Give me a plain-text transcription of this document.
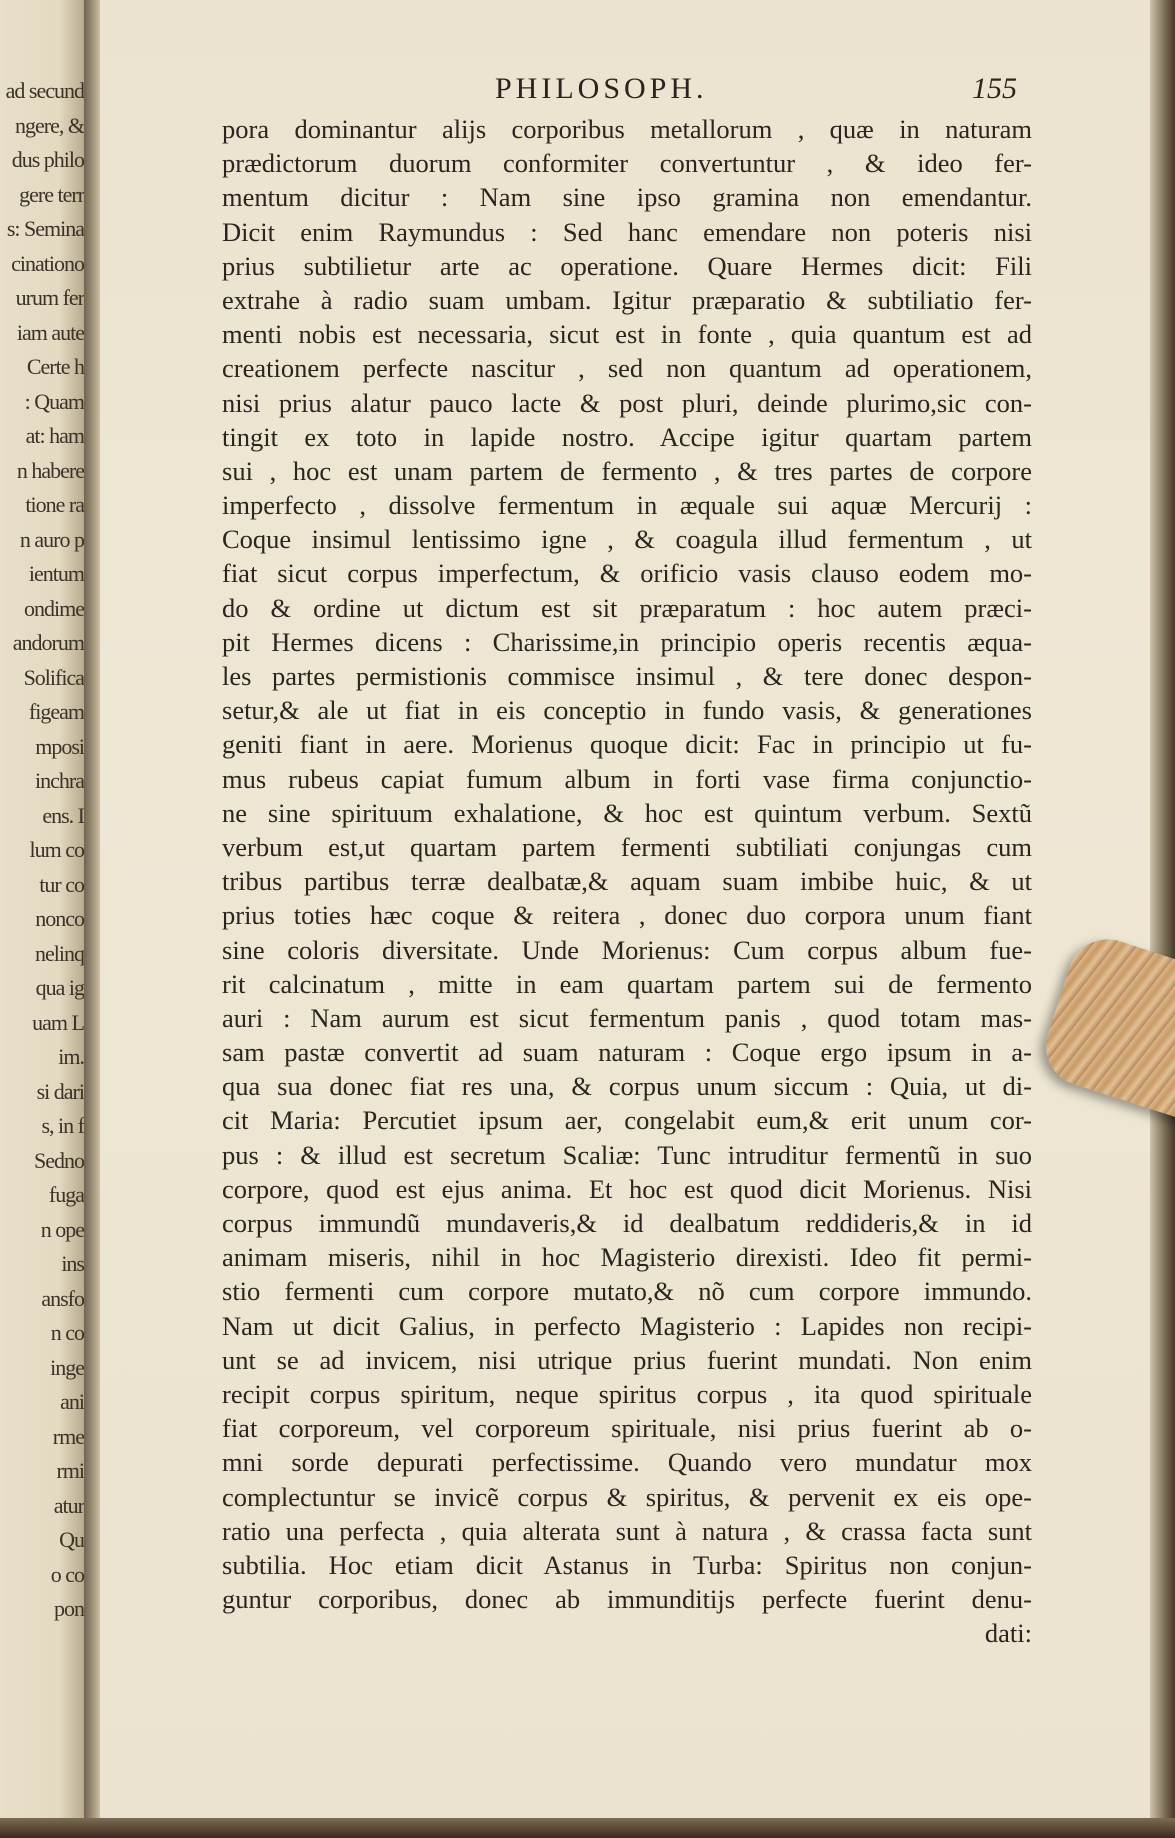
ad secund
ngere, &
dus philo
gere terr
s: Semina
cinationo
urum fer
iam aute
Certe h
: Quam
at: ham
n habere
tione ra
n auro p
ientum
ondime
andorum
Solifica
figeam
mposi
inchra
ens. I
lum co
tur co
nonco
nelinq
qua ig
uam L
im.
si dari
s, in f
Sedno
fuga
n ope
ins
ansfo
n co
inge
ani
rme
rmi
atur
Qu
o co
pon
PHILOSOPH.	155
pora dominantur alijs corporibus metallorum , quæ in naturam
prædictorum duorum conformiter convertuntur , & ideo fer-
mentum dicitur : Nam sine ipso gramina non emendantur.
Dicit enim Raymundus : Sed hanc emendare non poteris nisi
prius subtilietur arte ac operatione. Quare Hermes dicit: Fili
extrahe à radio suam umbam. Igitur præparatio & subtiliatio fer-
menti nobis est necessaria, sicut est in fonte , quia quantum est ad
creationem perfecte nascitur , sed non quantum ad operationem,
nisi prius alatur pauco lacte & post pluri, deinde plurimo,sic con-
tingit ex toto in lapide nostro. Accipe igitur quartam partem
sui , hoc est unam partem de fermento , & tres partes de corpore
imperfecto , dissolve fermentum in æquale sui aquæ Mercurij :
Coque insimul lentissimo igne , & coagula illud fermentum , ut
fiat sicut corpus imperfectum, & orificio vasis clauso eodem mo-
do & ordine ut dictum est sit præparatum : hoc autem præci-
pit Hermes dicens : Charissime,in principio operis recentis æqua-
les partes permistionis commisce insimul , & tere donec despon-
setur,& ale ut fiat in eis conceptio in fundo vasis, & generationes
geniti fiant in aere. Morienus quoque dicit: Fac in principio ut fu-
mus rubeus capiat fumum album in forti vase firma conjunctio-
ne sine spirituum exhalatione, & hoc est quintum verbum. Sextũ
verbum est,ut quartam partem fermenti subtiliati conjungas cum
tribus partibus terræ dealbatæ,& aquam suam imbibe huic, & ut
prius toties hæc coque & reitera , donec duo corpora unum fiant
sine coloris diversitate. Unde Morienus: Cum corpus album fue-
rit calcinatum , mitte in eam quartam partem sui de fermento
auri : Nam aurum est sicut fermentum panis , quod totam mas-
sam pastæ convertit ad suam naturam : Coque ergo ipsum in a-
qua sua donec fiat res una, & corpus unum siccum : Quia, ut di-
cit Maria: Percutiet ipsum aer, congelabit eum,& erit unum cor-
pus : & illud est secretum Scaliæ: Tunc intruditur fermentũ in suo
corpore, quod est ejus anima. Et hoc est quod dicit Morienus. Nisi
corpus immundũ mundaveris,& id dealbatum reddideris,& in id
animam miseris, nihil in hoc Magisterio direxisti. Ideo fit permi-
stio fermenti cum corpore mutato,& nõ cum corpore immundo.
Nam ut dicit Galius, in perfecto Magisterio : Lapides non recipi-
unt se ad invicem, nisi utrique prius fuerint mundati. Non enim
recipit corpus spiritum, neque spiritus corpus , ita quod spirituale
fiat corporeum, vel corporeum spirituale, nisi prius fuerint ab o-
mni sorde depurati perfectissime. Quando vero mundatur mox
complectuntur se invicẽ corpus & spiritus, & pervenit ex eis ope-
ratio una perfecta , quia alterata sunt à natura , & crassa facta sunt
subtilia. Hoc etiam dicit Astanus in Turba: Spiritus non conjun-
guntur corporibus, donec ab immunditijs perfecte fuerint denu-
dati:
